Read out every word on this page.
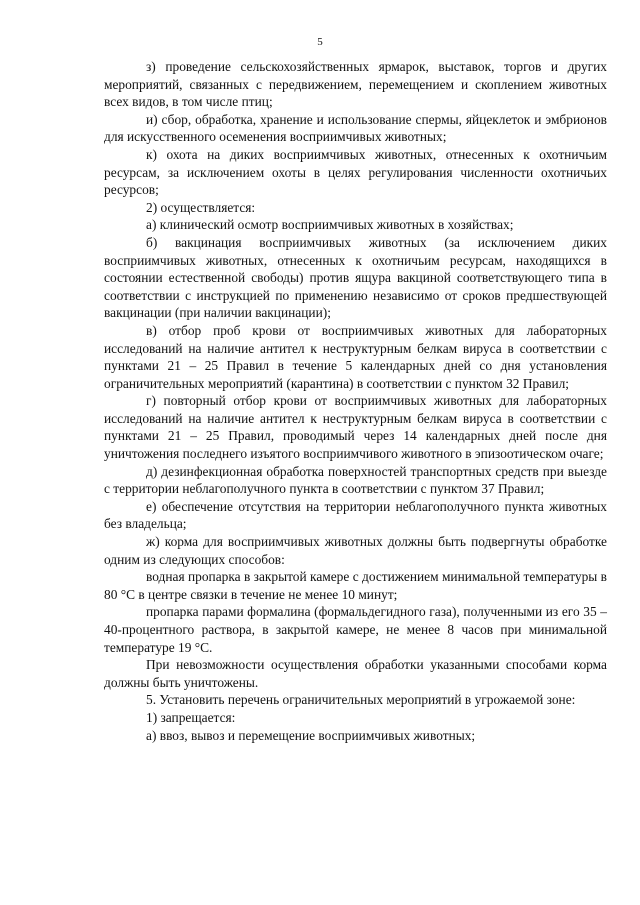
5

з) проведение сельскохозяйственных ярмарок, выставок, торгов и других мероприятий, связанных с передвижением, перемещением и скоплением животных всех видов, в том числе птиц;

и) сбор, обработка, хранение и использование спермы, яйцеклеток и эмбрионов для искусственного осеменения восприимчивых животных;

к) охота на диких восприимчивых животных, отнесенных к охотничьим ресурсам, за исключением охоты в целях регулирования численности охотничьих ресурсов;

2) осуществляется:

а) клинический осмотр восприимчивых животных в хозяйствах;

б) вакцинация восприимчивых животных (за исключением диких восприимчивых животных, отнесенных к охотничьим ресурсам, находящихся в состоянии естественной свободы) против ящура вакциной соответствующего типа в соответствии с инструкцией по применению независимо от сроков предшествующей вакцинации (при наличии вакцинации);

в) отбор проб крови от восприимчивых животных для лабораторных исследований на наличие антител к неструктурным белкам вируса в соответствии с пунктами 21 – 25 Правил в течение 5 календарных дней со дня установления ограничительных мероприятий (карантина) в соответствии с пунктом 32 Правил;

г) повторный отбор крови от восприимчивых животных для лабораторных исследований на наличие антител к неструктурным белкам вируса в соответствии с пунктами 21 – 25 Правил, проводимый через 14 календарных дней после дня уничтожения последнего изъятого восприимчивого животного в эпизоотическом очаге;

д) дезинфекционная обработка поверхностей транспортных средств при выезде с территории неблагополучного пункта в соответствии с пунктом 37 Правил;

е) обеспечение отсутствия на территории неблагополучного пункта животных без владельца;

ж) корма для восприимчивых животных должны быть подвергнуты обработке одним из следующих способов:

водная пропарка в закрытой камере с достижением минимальной температуры в 80 °С в центре связки в течение не менее 10 минут;

пропарка парами формалина (формальдегидного газа), полученными из его 35 – 40-процентного раствора, в закрытой камере, не менее 8 часов при минимальной температуре 19 °С.

При невозможности осуществления обработки указанными способами корма должны быть уничтожены.

5. Установить перечень ограничительных мероприятий в угрожаемой зоне:

1) запрещается:

а) ввоз, вывоз и перемещение восприимчивых животных;
